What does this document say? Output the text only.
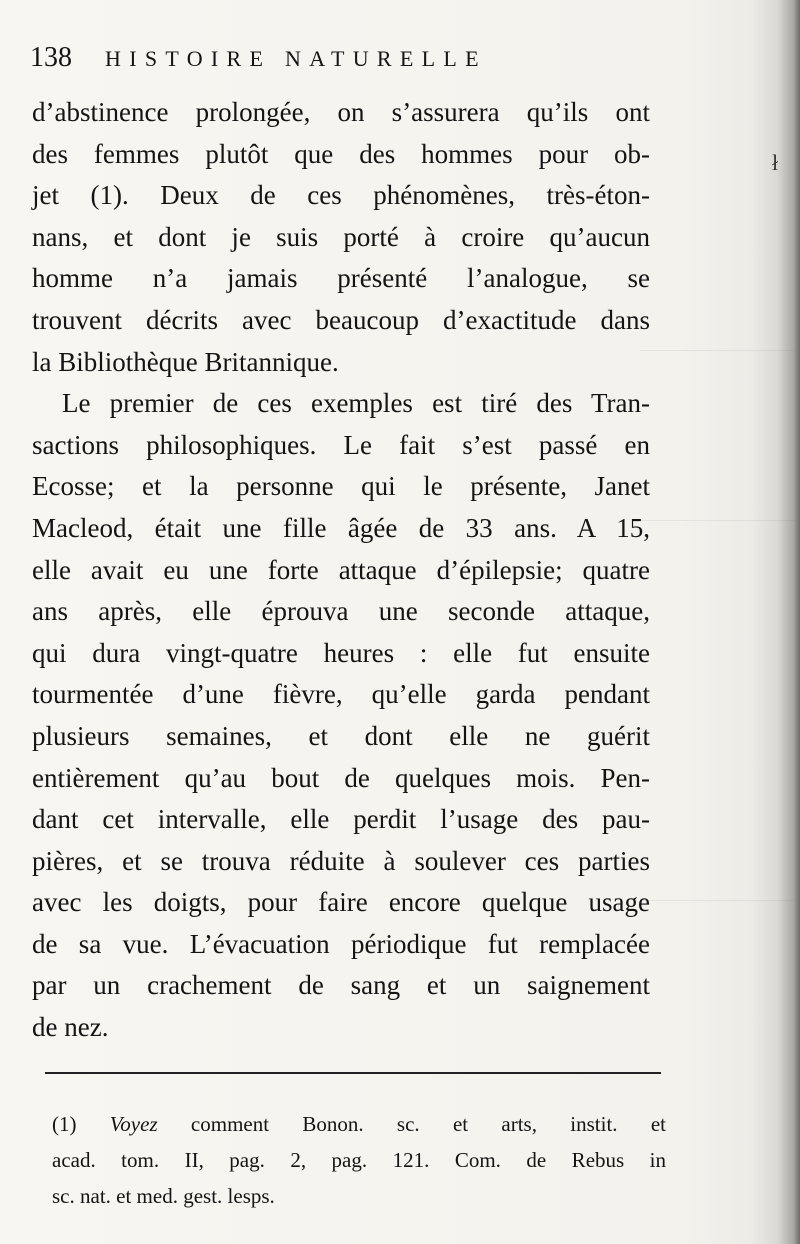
ł
138 HISTOIRE NATURELLE
d’abstinence prolongée, on s’assurera qu’ils ont
des femmes plutôt que des hommes pour ob-
jet (1). Deux de ces phénomènes, très-éton-
nans, et dont je suis porté à croire qu’aucun
homme n’a jamais présenté l’analogue, se
trouvent décrits avec beaucoup d’exactitude dans
la Bibliothèque Britannique.
Le premier de ces exemples est tiré des Tran-
sactions philosophiques. Le fait s’est passé en
Ecosse; et la personne qui le présente, Janet
Macleod, était une fille âgée de 33 ans. A 15,
elle avait eu une forte attaque d’épilepsie; quatre
ans après, elle éprouva une seconde attaque,
qui dura vingt-quatre heures : elle fut ensuite
tourmentée d’une fièvre, qu’elle garda pendant
plusieurs semaines, et dont elle ne guérit
entièrement qu’au bout de quelques mois. Pen-
dant cet intervalle, elle perdit l’usage des pau-
pières, et se trouva réduite à soulever ces parties
avec les doigts, pour faire encore quelque usage
de sa vue. L’évacuation périodique fut remplacée
par un crachement de sang et un saignement
de nez.
(1) Voyez comment Bonon. sc. et arts, instit. et
acad. tom. II, pag. 2, pag. 121. Com. de Rebus in
sc. nat. et med. gest. lesps.
